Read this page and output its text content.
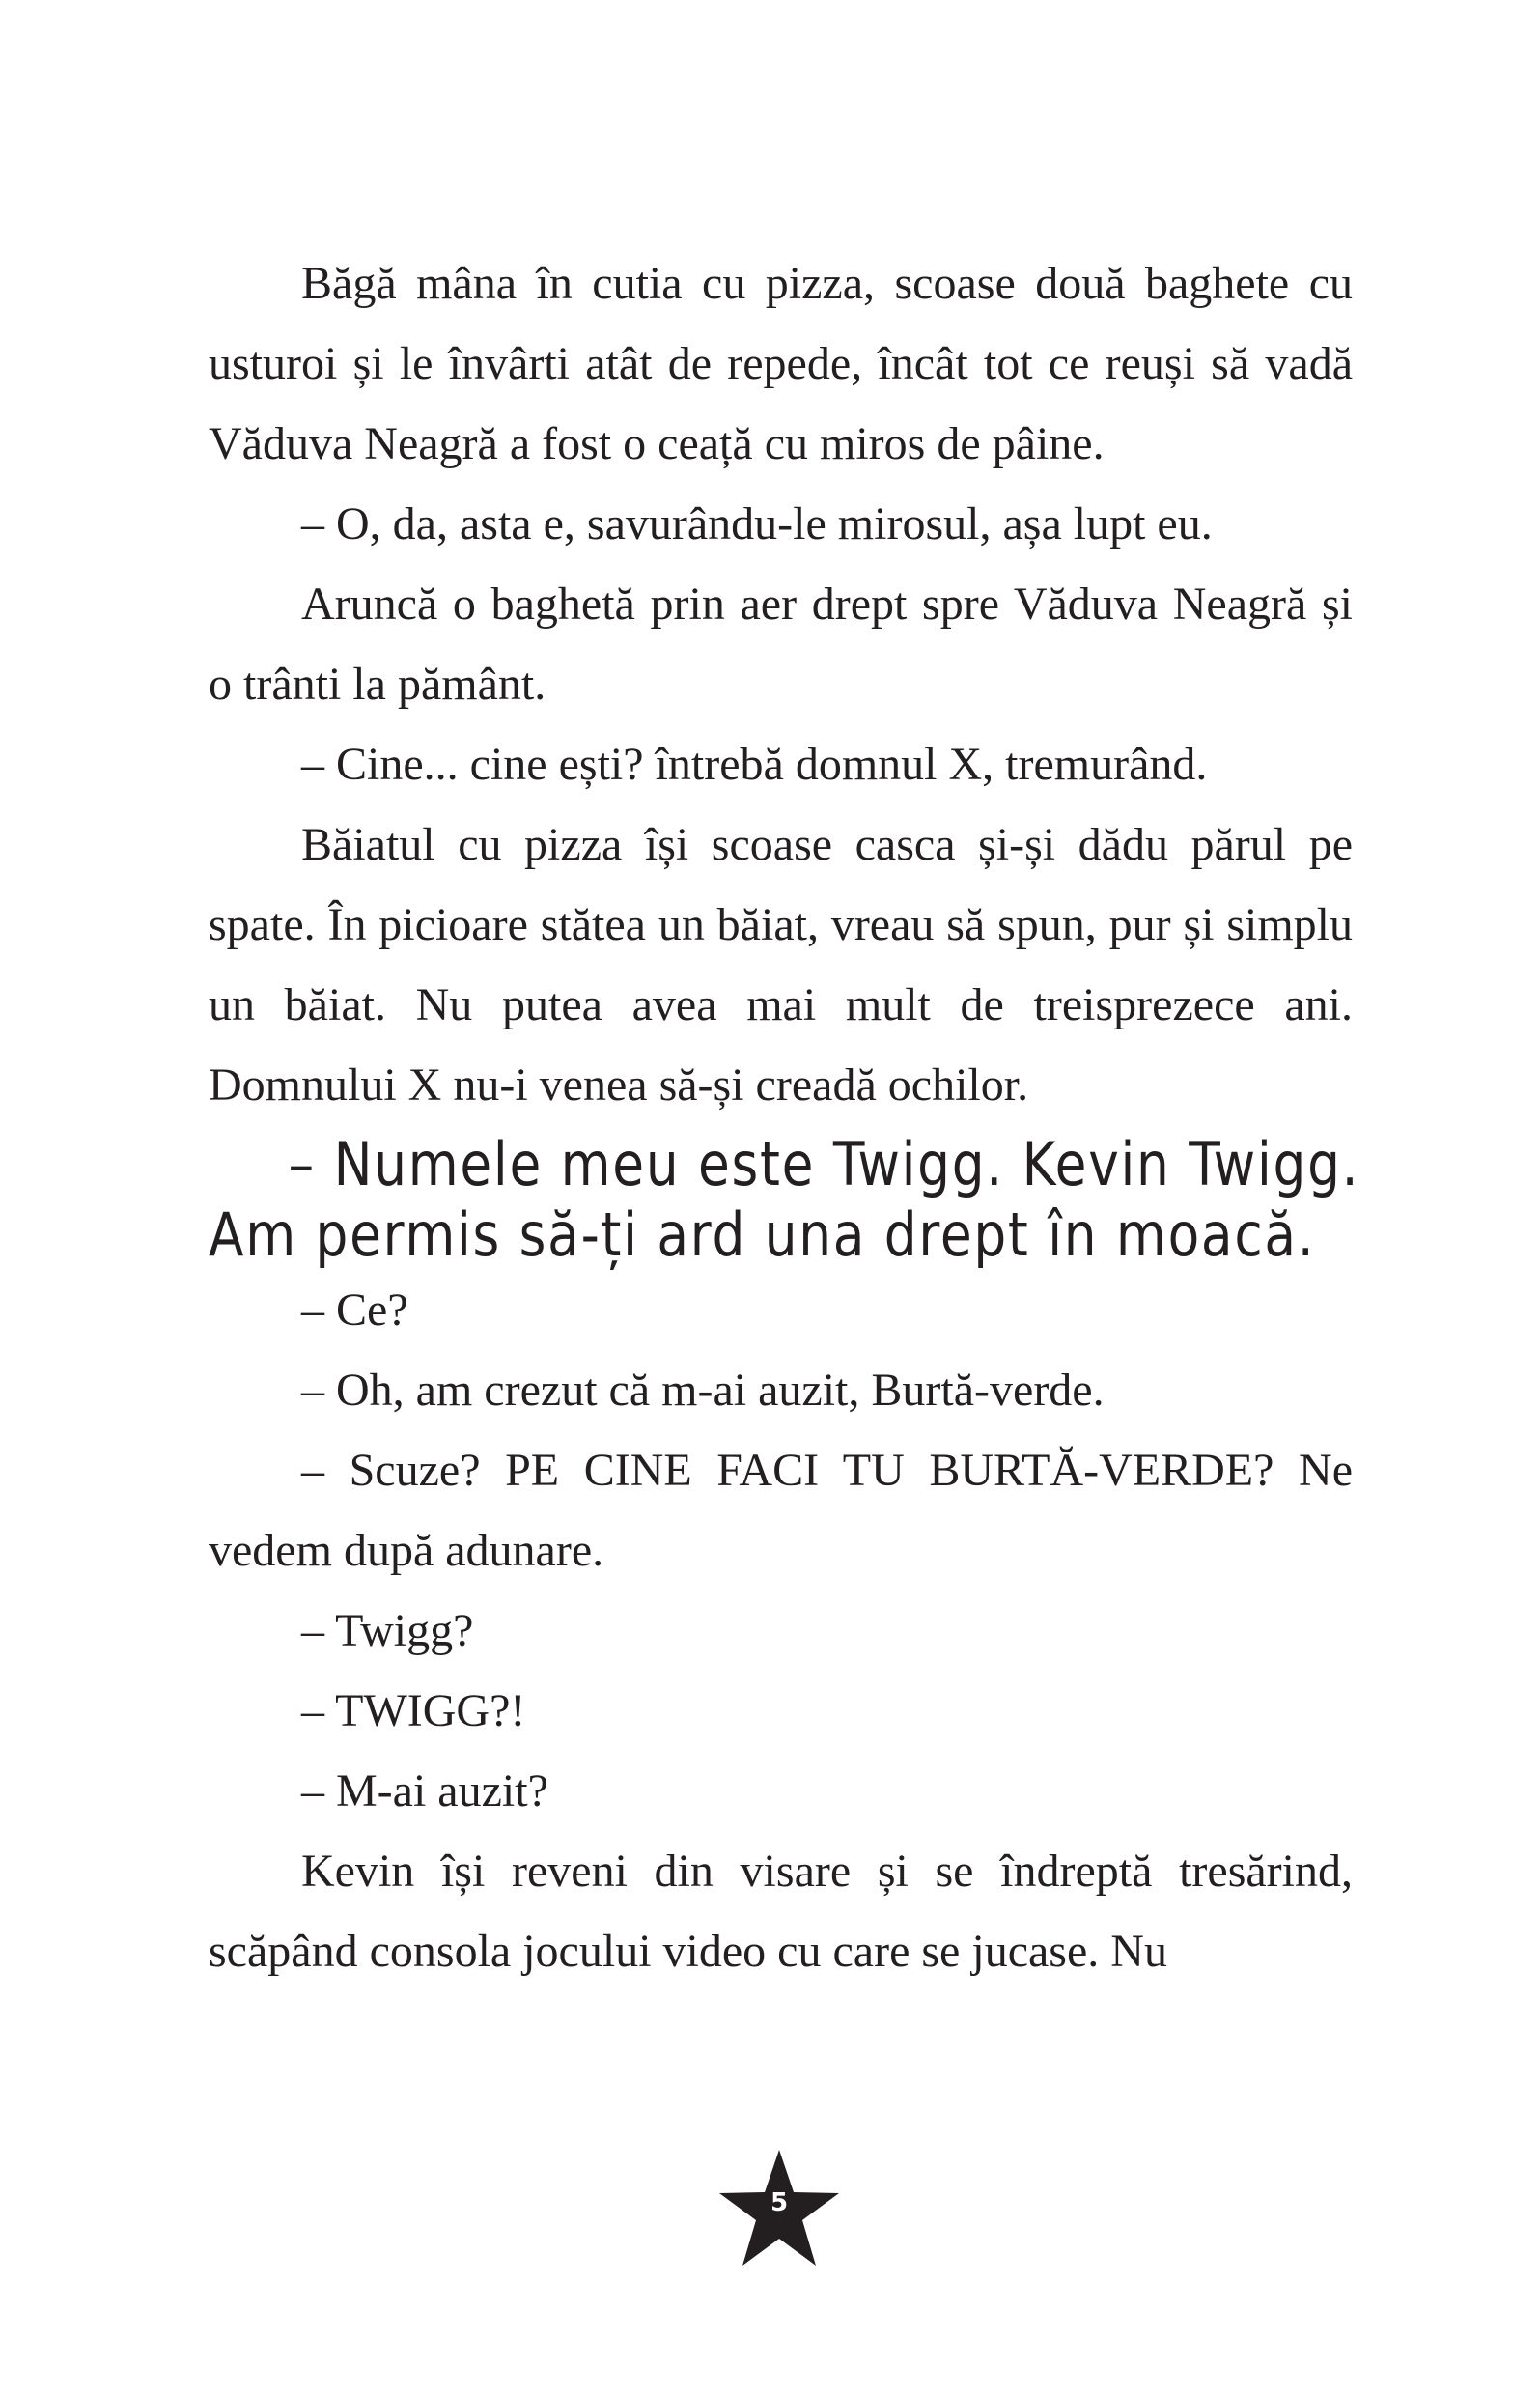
Băgă mâna în cutia cu pizza, scoase două baghete cu usturoi și le învârti atât de repede, încât tot ce reuși să vadă Văduva Neagră a fost o ceață cu miros de pâine.

– O, da, asta e, savurându-le mirosul, așa lupt eu.

Aruncă o baghetă prin aer drept spre Văduva Neagră și o trânti la pământ.

– Cine... cine ești? întrebă domnul X, tremurând.

Băiatul cu pizza își scoase casca și-și dădu părul pe spate. În picioare stătea un băiat, vreau să spun, pur și simplu un băiat. Nu putea avea mai mult de treisprezece ani. Domnului X nu-i venea să-și creadă ochilor.

– Numele meu este Twigg. Kevin Twigg.
Am permis să-ți ard una drept în moacă.

– Ce?

– Oh, am crezut că m-ai auzit, Burtă-verde.

– Scuze? PE CINE FACI TU BURTĂ-VERDE? Ne vedem după adunare.

– Twigg?

– TWIGG?!

– M-ai auzit?

Kevin își reveni din visare și se îndreptă tresărind, scăpând consola jocului video cu care se jucase. Nu

5
